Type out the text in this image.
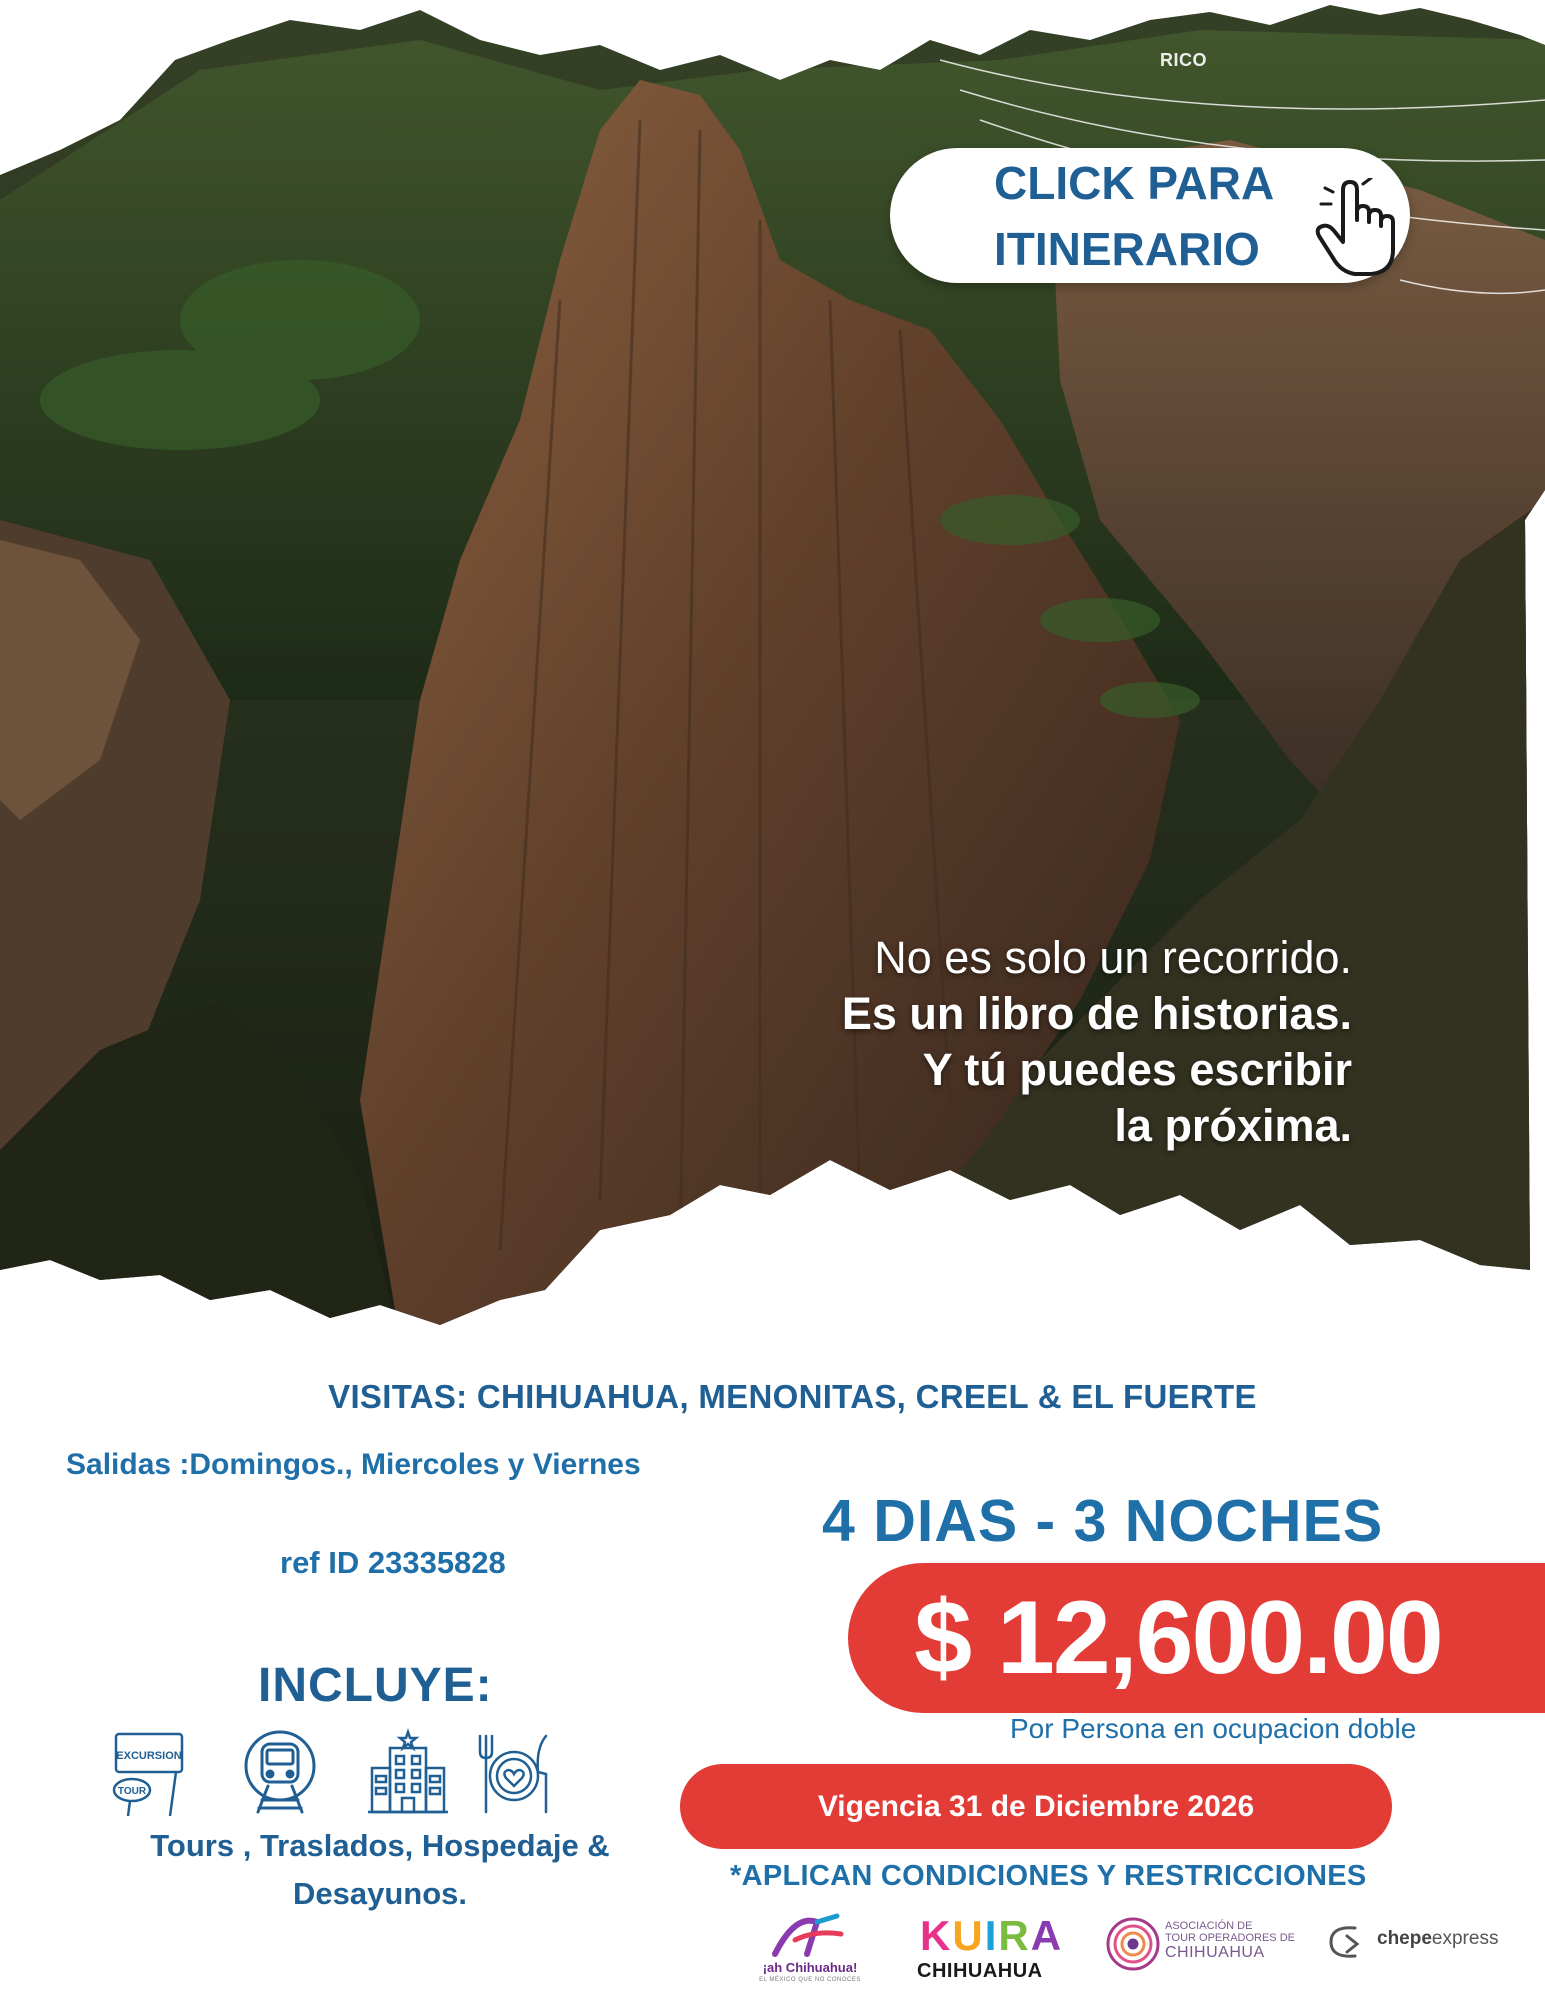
RICO
No es solo un recorrido.
Es un libro de historias.
Y tú puedes escribir
la próxima.
CLICK PARA
ITINERARIO
VISITAS: CHIHUAHUA, MENONITAS, CREEL & EL FUERTE
Salidas :Domingos., Miercoles y Viernes
ref ID 23335828
4 DIAS - 3 NOCHES
$ 12,600.00
Por Persona en ocupacion doble
Vigencia 31 de Diciembre 2026
*APLICAN CONDICIONES Y RESTRICCIONES
INCLUYE:
EXCURSION
TOUR
Tours , Traslados, Hospedaje &
Desayunos.
¡ah Chihuahua!
EL MÉXICO QUE NO CONOCES
KUIRA
CHIHUAHUA
ASOCIACIÓN DE
TOUR OPERADORES DE
CHIHUAHUA
chepeexpress
